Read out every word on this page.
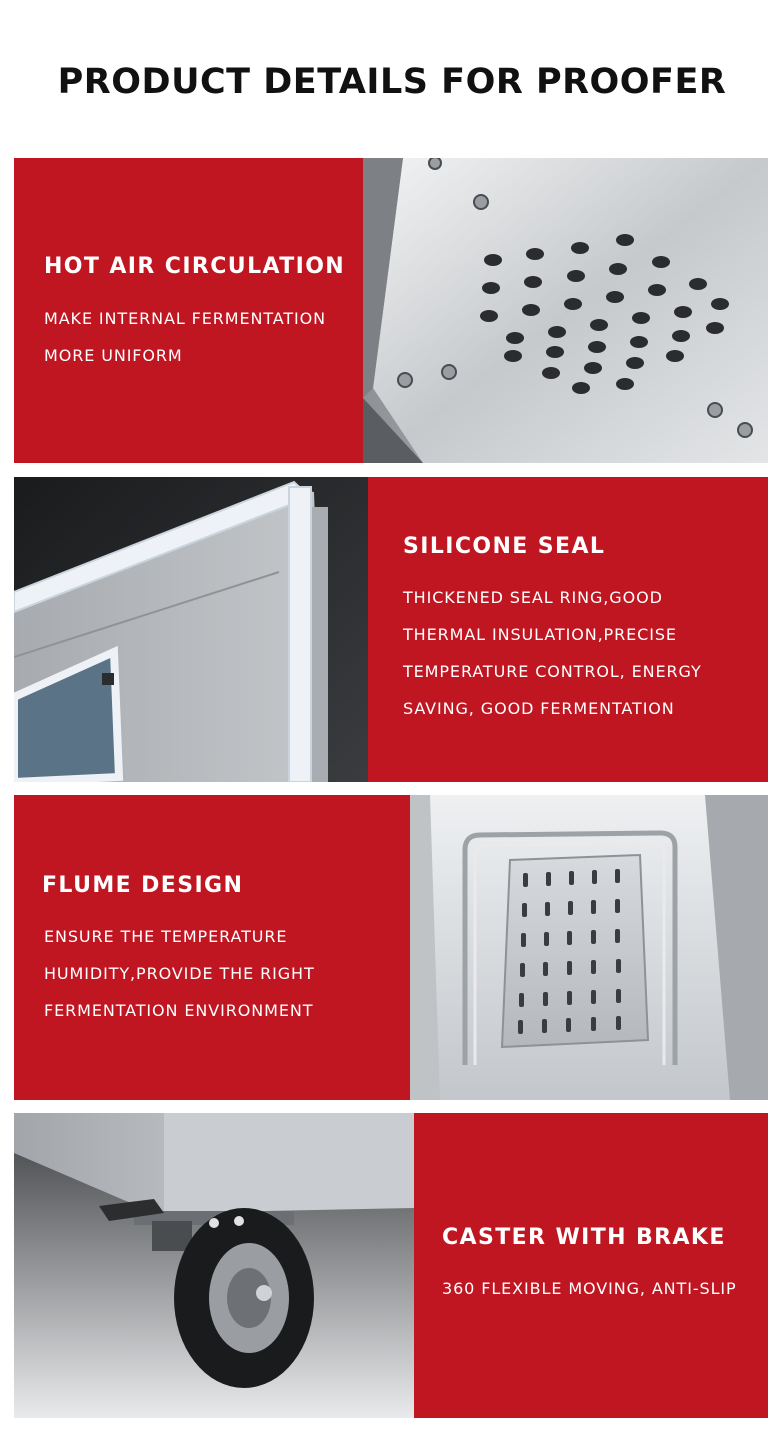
PRODUCT DETAILS FOR PROOFER
HOT AIR CIRCULATION
MAKE INTERNAL FERMENTATION
MORE UNIFORM
SILICONE SEAL
THICKENED SEAL RING,GOOD
THERMAL INSULATION,PRECISE
TEMPERATURE CONTROL, ENERGY
SAVING, GOOD FERMENTATION
FLUME DESIGN
ENSURE THE TEMPERATURE
HUMIDITY,PROVIDE THE RIGHT
FERMENTATION ENVIRONMENT
CASTER WITH BRAKE
360 FLEXIBLE MOVING, ANTI-SLIP
